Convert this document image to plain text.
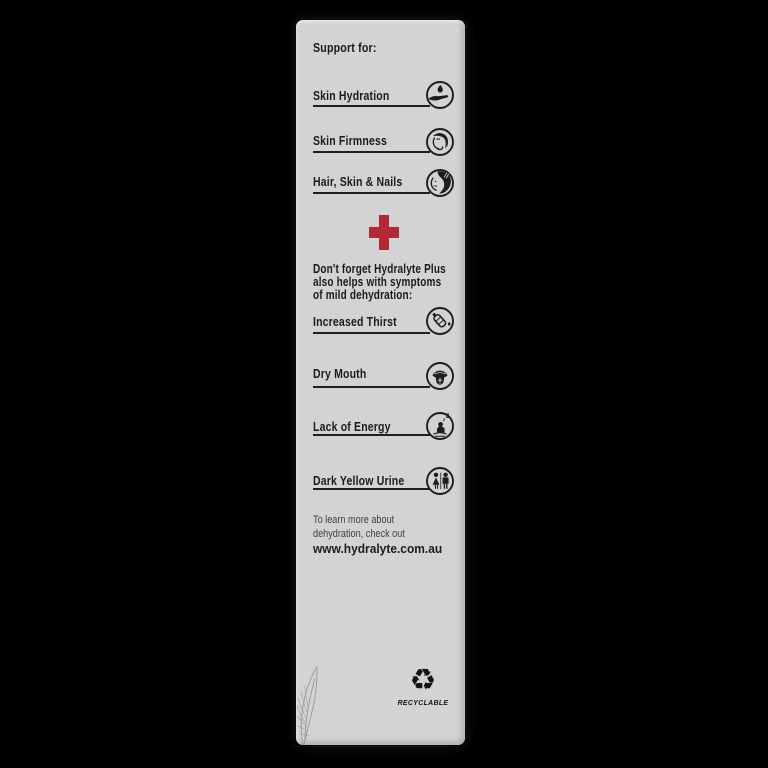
Support for:
Skin Hydration
Skin Firmness
Hair, Skin & Nails
Don't forget Hydralyte Plus
also helps with symptoms
of mild dehydration:
Increased Thirst
Dry Mouth
Lack of Energy
z Z
Dark Yellow Urine
To learn more about
dehydration, check out
www.hydralyte.com.au
♻
RECYCLABLE
